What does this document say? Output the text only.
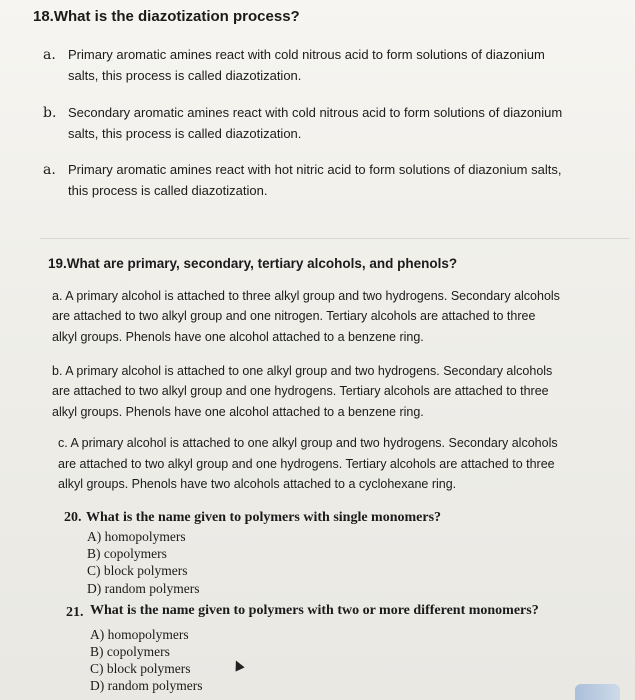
18.What is the diazotization process?
a. Primary aromatic amines react with cold nitrous acid to form solutions of diazonium
salts, this process is called diazotization.
b. Secondary aromatic amines react with cold nitrous acid to form solutions of diazonium
salts, this process is called diazotization.
a. Primary aromatic amines react with hot nitric acid to form solutions of diazonium salts,
this process is called diazotization.
19.What are primary, secondary, tertiary alcohols, and phenols?
a. A primary alcohol is attached to three alkyl group and two hydrogens. Secondary alcohols
are attached to two alkyl group and one nitrogen. Tertiary alcohols are attached to three
alkyl groups. Phenols have one alcohol attached to a benzene ring.
b. A primary alcohol is attached to one alkyl group and two hydrogens. Secondary alcohols
are attached to two alkyl group and one hydrogens. Tertiary alcohols are attached to three
alkyl groups. Phenols have one alcohol attached to a benzene ring.
c. A primary alcohol is attached to one alkyl group and two hydrogens. Secondary alcohols
are attached to two alkyl group and one hydrogens. Tertiary alcohols are attached to three
alkyl groups. Phenols have two alcohols attached to a cyclohexane ring.
20. What is the name given to polymers with single monomers?
A) homopolymers
B) copolymers
C) block polymers
D) random polymers
21. What is the name given to polymers with two or more different monomers?
A) homopolymers
B) copolymers
C) block polymers
D) random polymers
